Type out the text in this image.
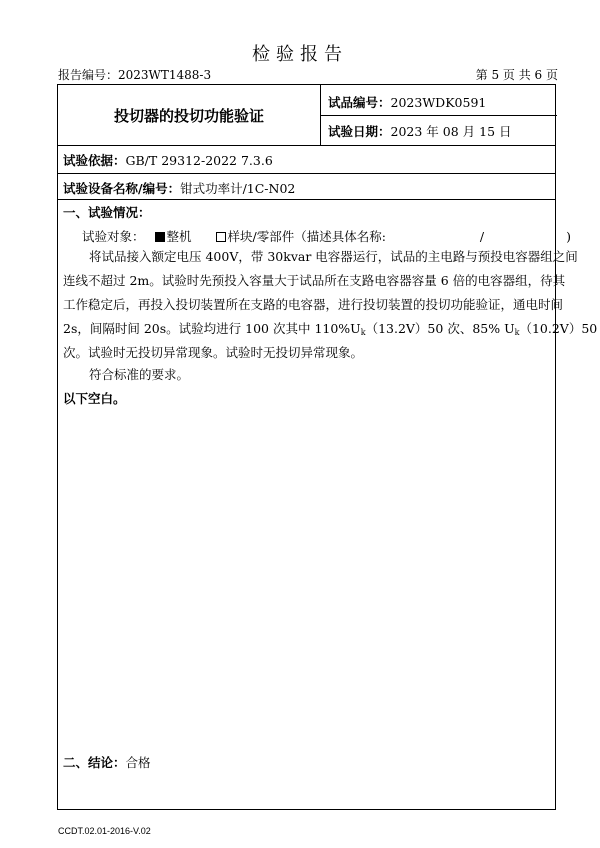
检验报告
报告编号：2023WT1488-3	第 5 页 共 6 页
投切器的投切功能验证
试品编号：2023WDK0591
试验日期：2023 年 08 月 15 日
试验依据：GB/T 29312-2022 7.3.6
试验设备名称/编号：钳式功率计/1C-N02
一、试验情况：
试验对象： 整机	样块/零部件（描述具体名称:	/	)
将试品接入额定电压 400V，带 30kvar 电容器运行，试品的主电路与预投电容器组之间
连线不超过 2m。试验时先预投入容量大于试品所在支路电容器容量 6 倍的电容器组，待其
工作稳定后，再投入投切装置所在支路的电容器，进行投切装置的投切功能验证，通电时间
2s，间隔时间 20s。试验均进行 100 次其中 $110\%U_k(13.2V)50$ 次、85% $U_k(10.2V)50$
次。试验时无投切异常现象。试验时无投切异常现象。
符合标准的要求。
以下空白。
二、结论：合格
CCDT.02.01-2016-V.02
